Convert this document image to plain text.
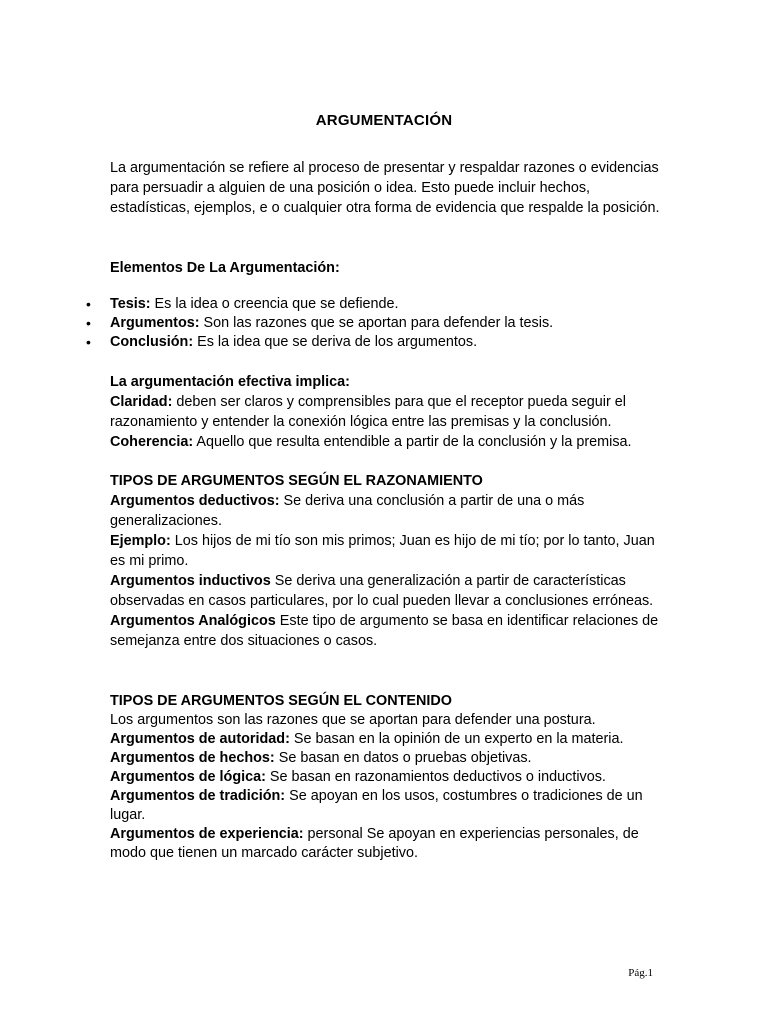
ARGUMENTACIÓN
La argumentación se refiere al proceso de presentar y respaldar razones o evidencias para persuadir a alguien de una posición o idea. Esto puede incluir hechos, estadísticas, ejemplos, e o cualquier otra forma de evidencia que respalde la posición.
Elementos De La Argumentación:
• Tesis: Es la idea o creencia que se defiende.
• Argumentos: Son las razones que se aportan para defender la tesis.
• Conclusión: Es la idea que se deriva de los argumentos.
La argumentación efectiva implica:
Claridad: deben ser claros y comprensibles para que el receptor pueda seguir el razonamiento y entender la conexión lógica entre las premisas y la conclusión.
Coherencia: Aquello que resulta entendible a partir de la conclusión y la premisa.
TIPOS DE ARGUMENTOS SEGÚN EL RAZONAMIENTO
Argumentos deductivos: Se deriva una conclusión a partir de una o más generalizaciones.
Ejemplo: Los hijos de mi tío son mis primos; Juan es hijo de mi tío; por lo tanto, Juan es mi primo.
Argumentos inductivos Se deriva una generalización a partir de características observadas en casos particulares, por lo cual pueden llevar a conclusiones erróneas.
Argumentos Analógicos Este tipo de argumento se basa en identificar relaciones de semejanza entre dos situaciones o casos.
TIPOS DE ARGUMENTOS SEGÚN EL CONTENIDO
Los argumentos son las razones que se aportan para defender una postura.
Argumentos de autoridad: Se basan en la opinión de un experto en la materia.
Argumentos de hechos: Se basan en datos o pruebas objetivas.
Argumentos de lógica: Se basan en razonamientos deductivos o inductivos.
Argumentos de tradición: Se apoyan en los usos, costumbres o tradiciones de un lugar.
Argumentos de experiencia: personal Se apoyan en experiencias personales, de modo que tienen un marcado carácter subjetivo.
Pág.1
